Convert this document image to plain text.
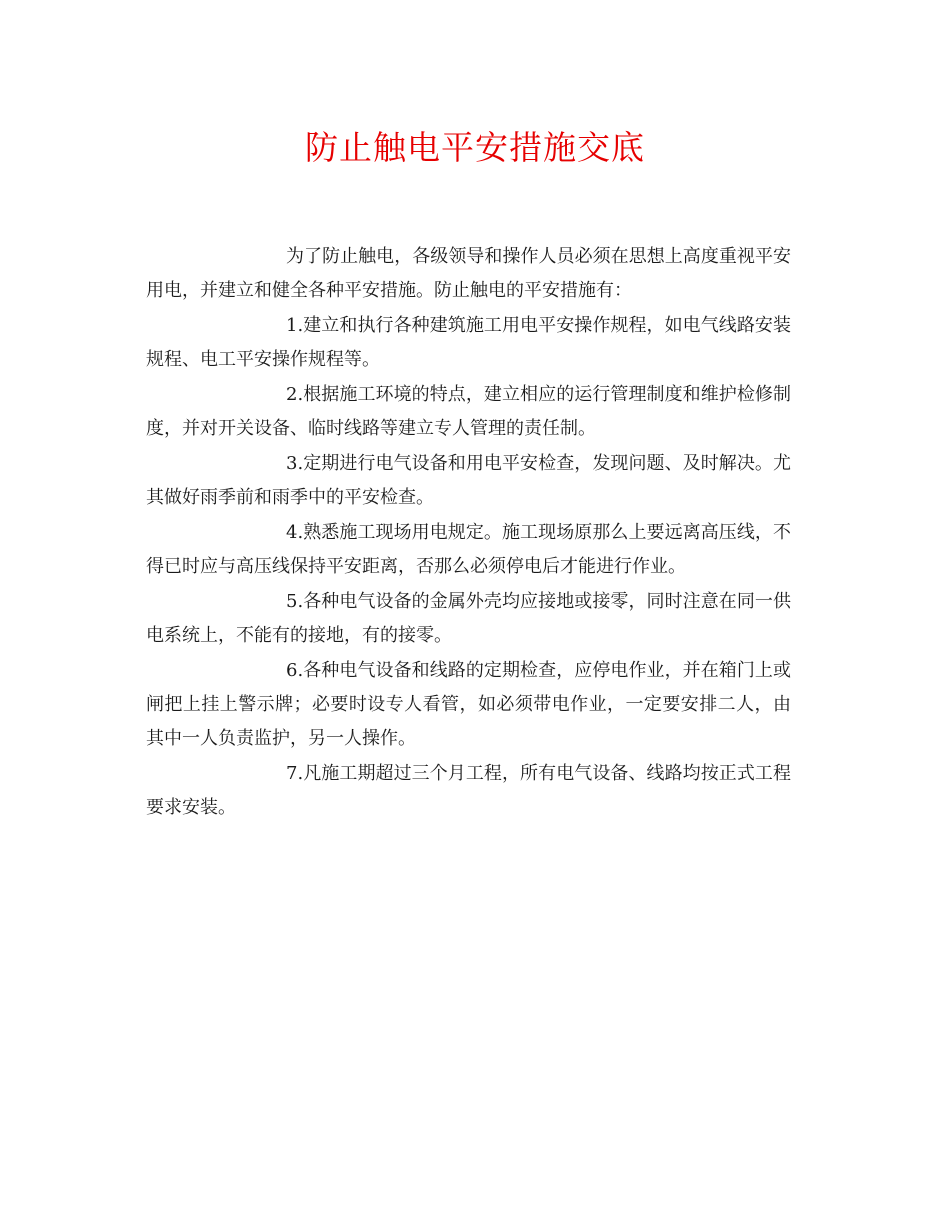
防止触电平安措施交底

为了防止触电，各级领导和操作人员必须在思想上高度重视平安用电，并建立和健全各种平安措施。防止触电的平安措施有：

1.建立和执行各种建筑施工用电平安操作规程，如电气线路安装规程、电工平安操作规程等。

2.根据施工环境的特点，建立相应的运行管理制度和维护检修制度，并对开关设备、临时线路等建立专人管理的责任制。

3.定期进行电气设备和用电平安检查，发现问题、及时解决。尤其做好雨季前和雨季中的平安检查。

4.熟悉施工现场用电规定。施工现场原那么上要远离高压线，不得已时应与高压线保持平安距离，否那么必须停电后才能进行作业。

5.各种电气设备的金属外壳均应接地或接零，同时注意在同一供电系统上，不能有的接地，有的接零。

6.各种电气设备和线路的定期检查，应停电作业，并在箱门上或闸把上挂上警示牌；必要时设专人看管，如必须带电作业，一定要安排二人，由其中一人负责监护，另一人操作。

7.凡施工期超过三个月工程，所有电气设备、线路均按正式工程要求安装。
